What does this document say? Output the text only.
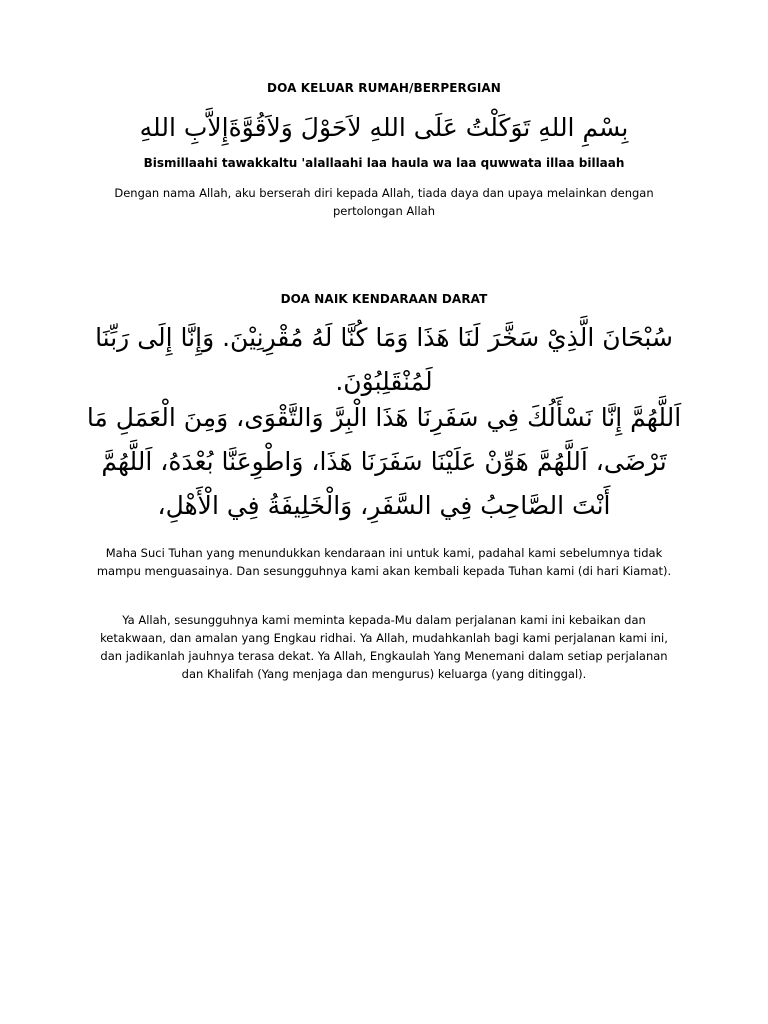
DOA KELUAR RUMAH/BERPERGIAN
بِسْمِ اللهِ تَوَكَلْتُ عَلَى اللهِ لاَحَوْلَ وَلاَقُوَّةَإِلاَّبِ اللهِ
Bismillaahi tawakkaltu 'alallaahi laa haula wa laa quwwata illaa billaah
Dengan nama Allah, aku berserah diri kepada Allah, tiada daya dan upaya melainkan dengan pertolongan Allah
DOA NAIK KENDARAAN DARAT
سُبْحَانَ الَّذِيْ سَخَّرَ لَنَا هَذَا وَمَا كُنَّا لَهُ مُقْرِنِيْنَ. وَإِنَّا إِلَى رَبِّنَا لَمُنْقَلِبُوْنَ.
اَللَّهُمَّ إِنَّا نَسْأَلُكَ فِي سَفَرِنَا هَذَا الْبِرَّ وَالتَّقْوَى، وَمِنَ الْعَمَلِ مَا تَرْضَى، اَللَّهُمَّ هَوِّنْ عَلَيْنَا سَفَرَنَا هَذَا، وَاطْوِعَنَّا بُعْدَهُ، اَللَّهُمَّ أَنْتَ الصَّاحِبُ فِي السَّفَرِ، وَالْخَلِيفَةُ فِي الْأَهْلِ،
Maha Suci Tuhan yang menundukkan kendaraan ini untuk kami, padahal kami sebelumnya tidak mampu menguasainya. Dan sesungguhnya kami akan kembali kepada Tuhan kami (di hari Kiamat).
Ya Allah, sesungguhnya kami meminta kepada-Mu dalam perjalanan kami ini kebaikan dan ketakwaan, dan amalan yang Engkau ridhai. Ya Allah, mudahkanlah bagi kami perjalanan kami ini, dan jadikanlah jauhnya terasa dekat. Ya Allah, Engkaulah Yang Menemani dalam setiap perjalanan dan Khalifah (Yang menjaga dan mengurus) keluarga (yang ditinggal).
